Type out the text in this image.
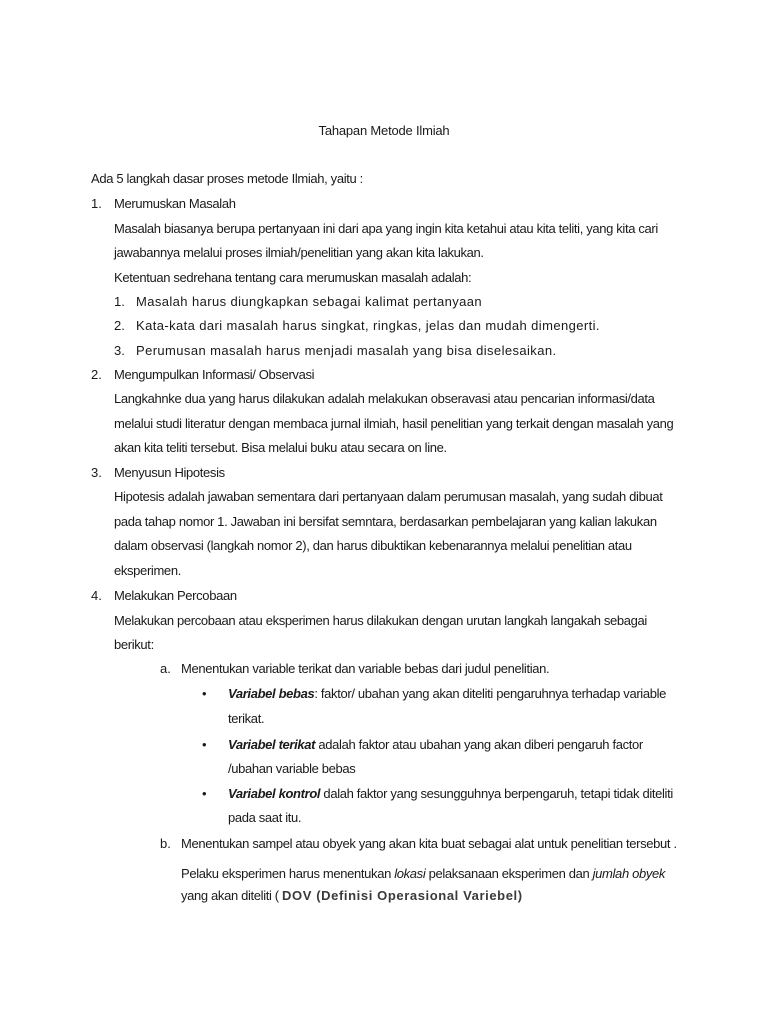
Tahapan Metode Ilmiah
Ada 5 langkah dasar proses metode Ilmiah, yaitu :
1. Merumuskan Masalah
Masalah biasanya berupa pertanyaan ini dari apa yang ingin kita ketahui atau kita teliti, yang kita cari
jawabannya melalui proses ilmiah/penelitian yang akan kita lakukan.
Ketentuan sedrehana tentang cara merumuskan masalah adalah:
1. Masalah harus diungkapkan sebagai kalimat pertanyaan
2. Kata-kata dari masalah harus singkat, ringkas, jelas dan mudah dimengerti.
3. Perumusan masalah harus menjadi masalah yang bisa diselesaikan.
2. Mengumpulkan Informasi/ Observasi
Langkahnke dua yang harus dilakukan adalah melakukan obseravasi atau pencarian informasi/data
melalui studi literatur dengan membaca jurnal ilmiah, hasil penelitian yang terkait dengan masalah yang
akan kita teliti tersebut. Bisa melalui buku atau secara on line.
3. Menyusun Hipotesis
Hipotesis adalah jawaban sementara dari pertanyaan dalam perumusan masalah, yang sudah dibuat
pada tahap nomor 1. Jawaban ini bersifat semntara, berdasarkan pembelajaran yang kalian lakukan
dalam observasi (langkah nomor 2), dan harus dibuktikan kebenarannya melalui penelitian atau
eksperimen.
4. Melakukan Percobaan
Melakukan percobaan atau eksperimen harus dilakukan dengan urutan langkah langakah sebagai
berikut:
a. Menentukan variable terikat dan variable bebas dari judul penelitian.
• Variabel bebas: faktor/ ubahan yang akan diteliti pengaruhnya terhadap variable
terikat.
• Variabel terikat adalah faktor atau ubahan yang akan diberi pengaruh factor
/ubahan variable bebas
• Variabel kontrol dalah faktor yang sesungguhnya berpengaruh, tetapi tidak diteliti
pada saat itu.
b. Menentukan sampel atau obyek yang akan kita buat sebagai alat untuk penelitian tersebut .
Pelaku eksperimen harus menentukan lokasi pelaksanaan eksperimen dan jumlah obyek
yang akan diteliti ( DOV (Definisi Operasional Variebel)
